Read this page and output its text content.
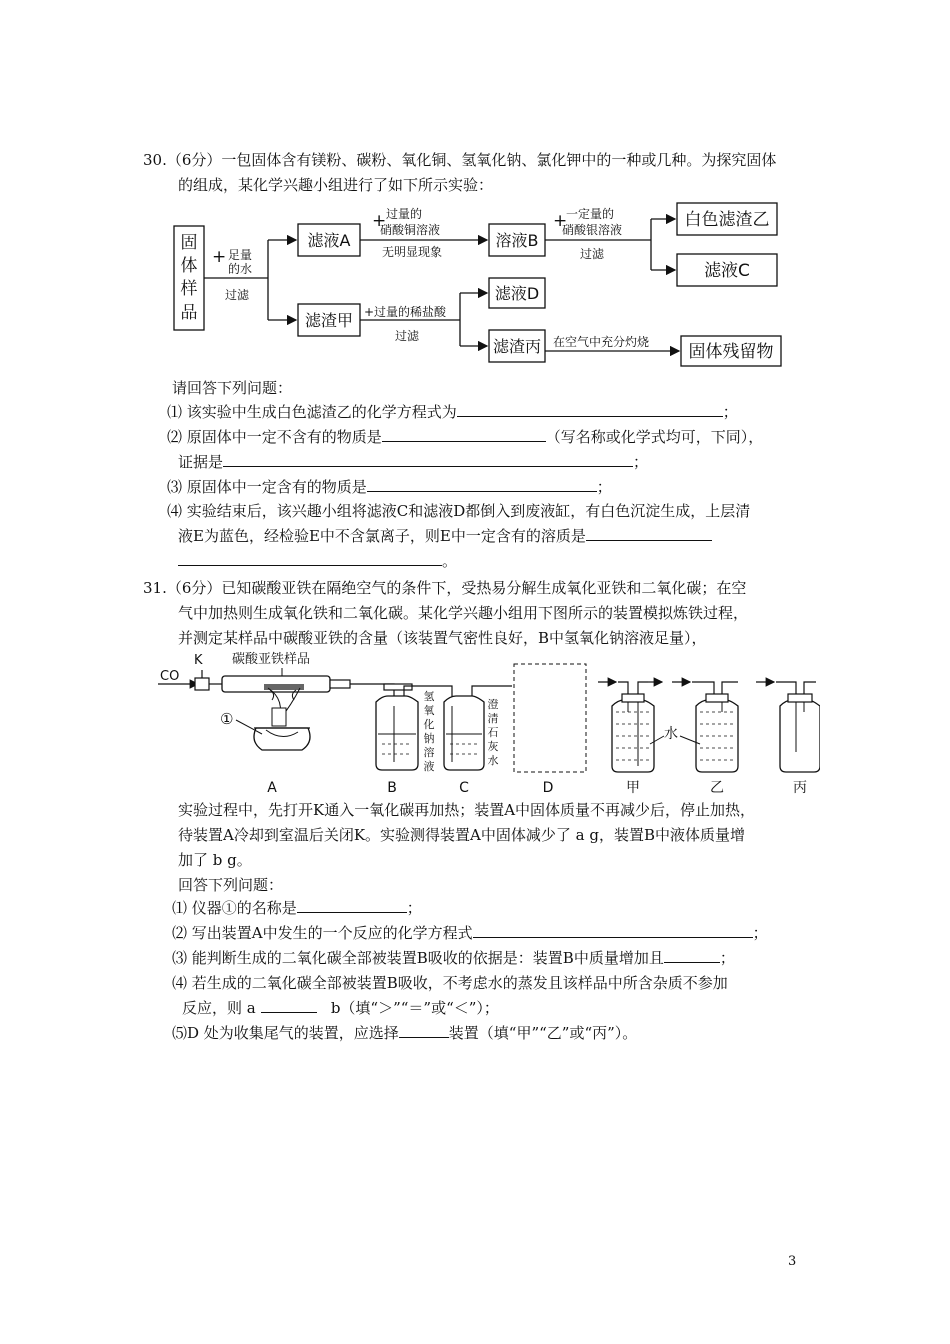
30.（6分）一包固体含有镁粉、碳粉、氧化铜、氢氧化钠、氯化钾中的一种或几种。为探究固体
的组成，某化学兴趣小组进行了如下所示实验：
固
体
样
品
+ 足量
的水
过滤
滤液A
+ 过量的
硝酸铜溶液
无明显现象
溶液B
+
一定量的
硝酸银溶液
过滤
白色滤渣乙
滤液C
滤渣甲 +过量的稀盐酸
过滤
滤液D
滤渣丙 在空气中充分灼烧 固体残留物
请回答下列问题：
⑴ 该实验中生成白色滤渣乙的化学方程式为	；
⑵ 原固体中一定不含有的物质是	（写名称或化学式均可，下同），
证据是	；
⑶ 原固体中一定含有的物质是	；
⑷ 实验结束后，该兴趣小组将滤液C和滤液D都倒入到废液缸，有白色沉淀生成，上层清
液E为蓝色，经检验E中不含氯离子，则E中一定含有的溶质是
。
31.（6分）已知碳酸亚铁在隔绝空气的条件下，受热易分解生成氧化亚铁和二氧化碳；在空
气中加热则生成氧化铁和二氧化碳。某化学兴趣小组用下图所示的装置模拟炼铁过程，
并测定某样品中碳酸亚铁的含量（该装置气密性良好，B中氢氧化钠溶液足量），
CO
K 碳酸亚铁样品
①
氢
氧
化
钠
溶
液
澄
清
石
灰
水
水
A	B	C	D	甲	乙	丙
实验过程中，先打开K通入一氧化碳再加热；装置A中固体质量不再减少后，停止加热，
待装置A冷却到室温后关闭K。实验测得装置A中固体减少了 a g，装置B中液体质量增
加了 b g。
回答下列问题：
⑴ 仪器①的名称是	；
⑵ 写出装置A中发生的一个反应的化学方程式	；
⑶ 能判断生成的二氧化碳全部被装置B吸收的依据是：装置B中质量增加且	；
⑷ 若生成的二氧化碳全部被装置B吸收，不考虑水的蒸发且该样品中所含杂质不参加
反应，则 a	b（填“＞”“＝”或“＜”）；
⑸D 处为收集尾气的装置，应选择	装置（填“甲”“乙”或“丙”）。
3
